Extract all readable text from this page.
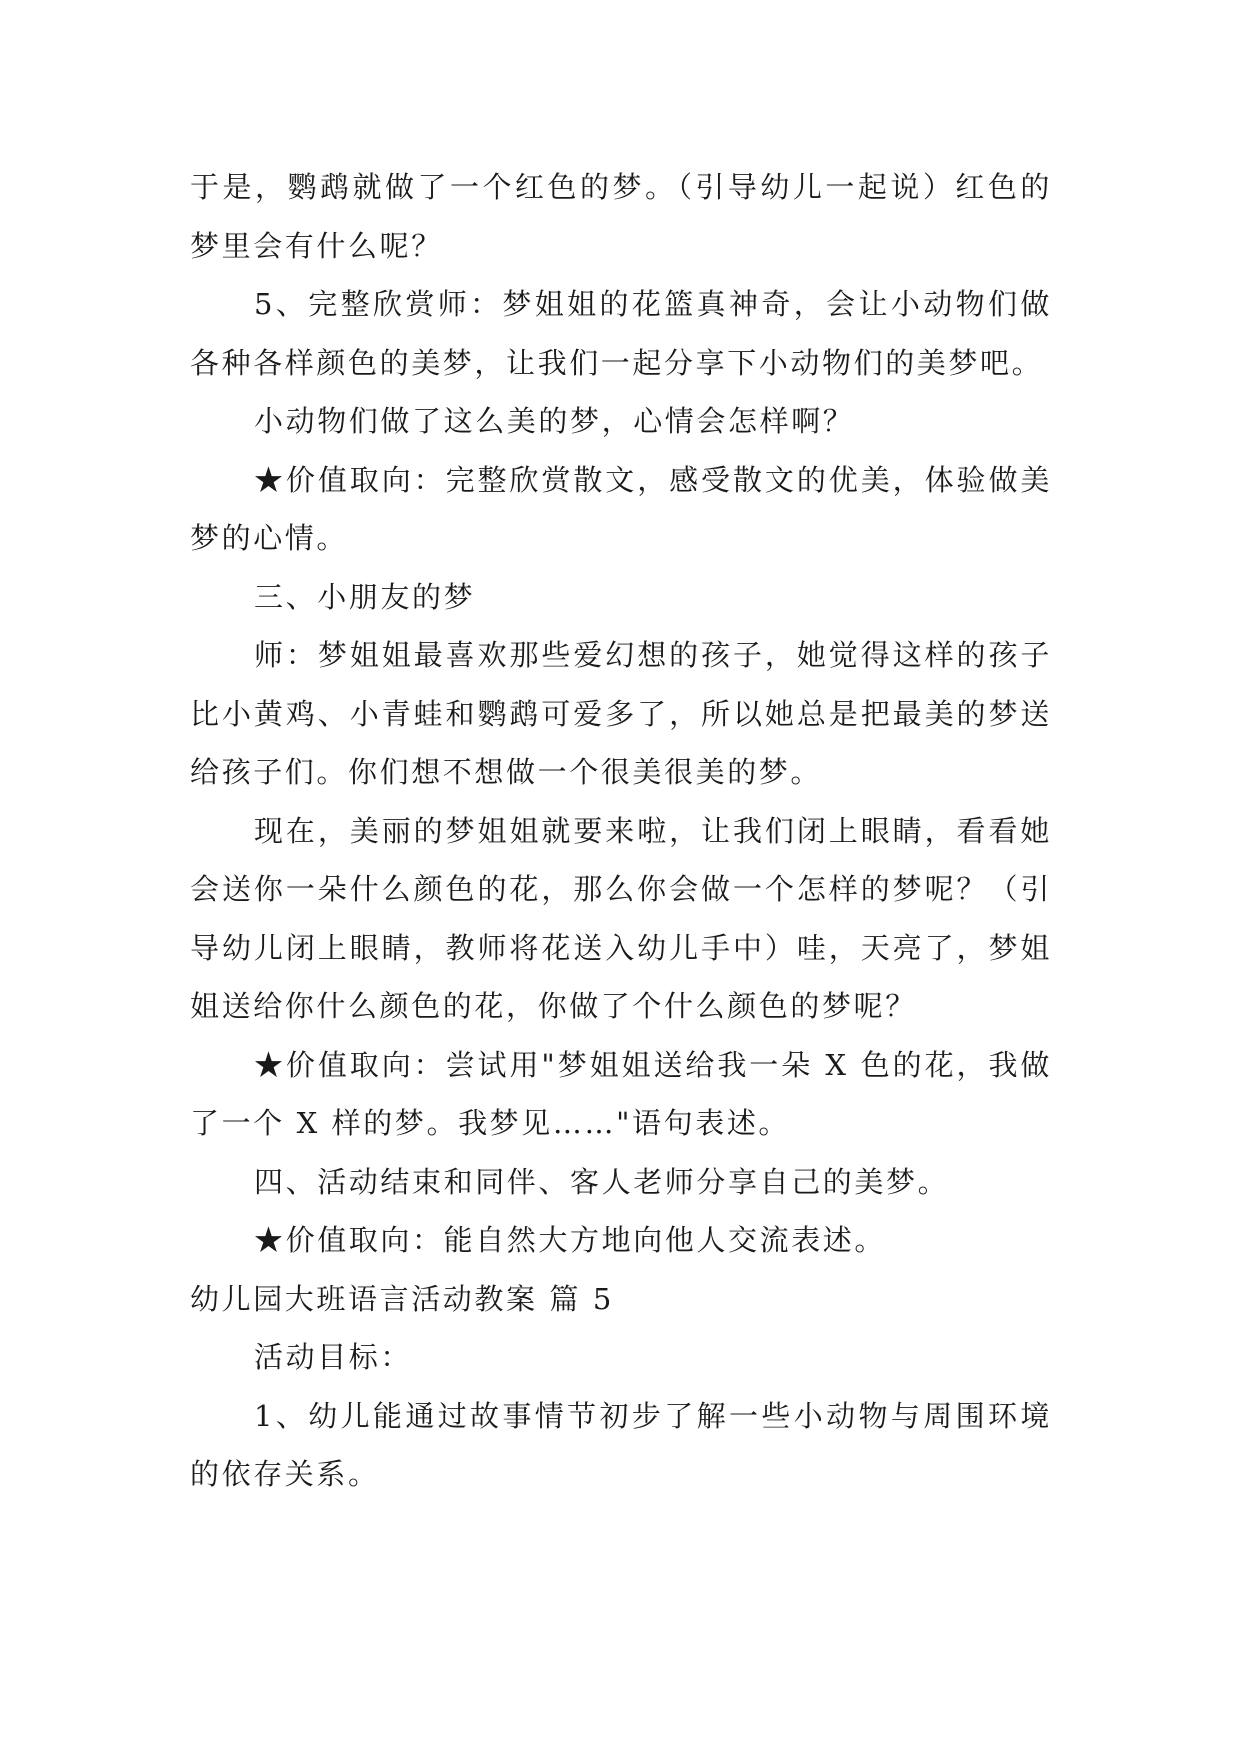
于是，鹦鹉就做了一个红色的梦。（引导幼儿一起说）红色的梦里会有什么呢？

5、完整欣赏师：梦姐姐的花篮真神奇，会让小动物们做各种各样颜色的美梦，让我们一起分享下小动物们的美梦吧。

小动物们做了这么美的梦，心情会怎样啊？

★价值取向：完整欣赏散文，感受散文的优美，体验做美梦的心情。

三、小朋友的梦

师：梦姐姐最喜欢那些爱幻想的孩子，她觉得这样的孩子比小黄鸡、小青蛙和鹦鹉可爱多了，所以她总是把最美的梦送给孩子们。你们想不想做一个很美很美的梦。

现在，美丽的梦姐姐就要来啦，让我们闭上眼睛，看看她会送你一朵什么颜色的花，那么你会做一个怎样的梦呢？（引导幼儿闭上眼睛，教师将花送入幼儿手中）哇，天亮了，梦姐姐送给你什么颜色的花，你做了个什么颜色的梦呢？

★价值取向：尝试用"梦姐姐送给我一朵 X 色的花，我做了一个 X 样的梦。我梦见……"语句表述。

四、活动结束和同伴、客人老师分享自己的美梦。

★价值取向：能自然大方地向他人交流表述。

幼儿园大班语言活动教案 篇 5

活动目标：

1、幼儿能通过故事情节初步了解一些小动物与周围环境的依存关系。
